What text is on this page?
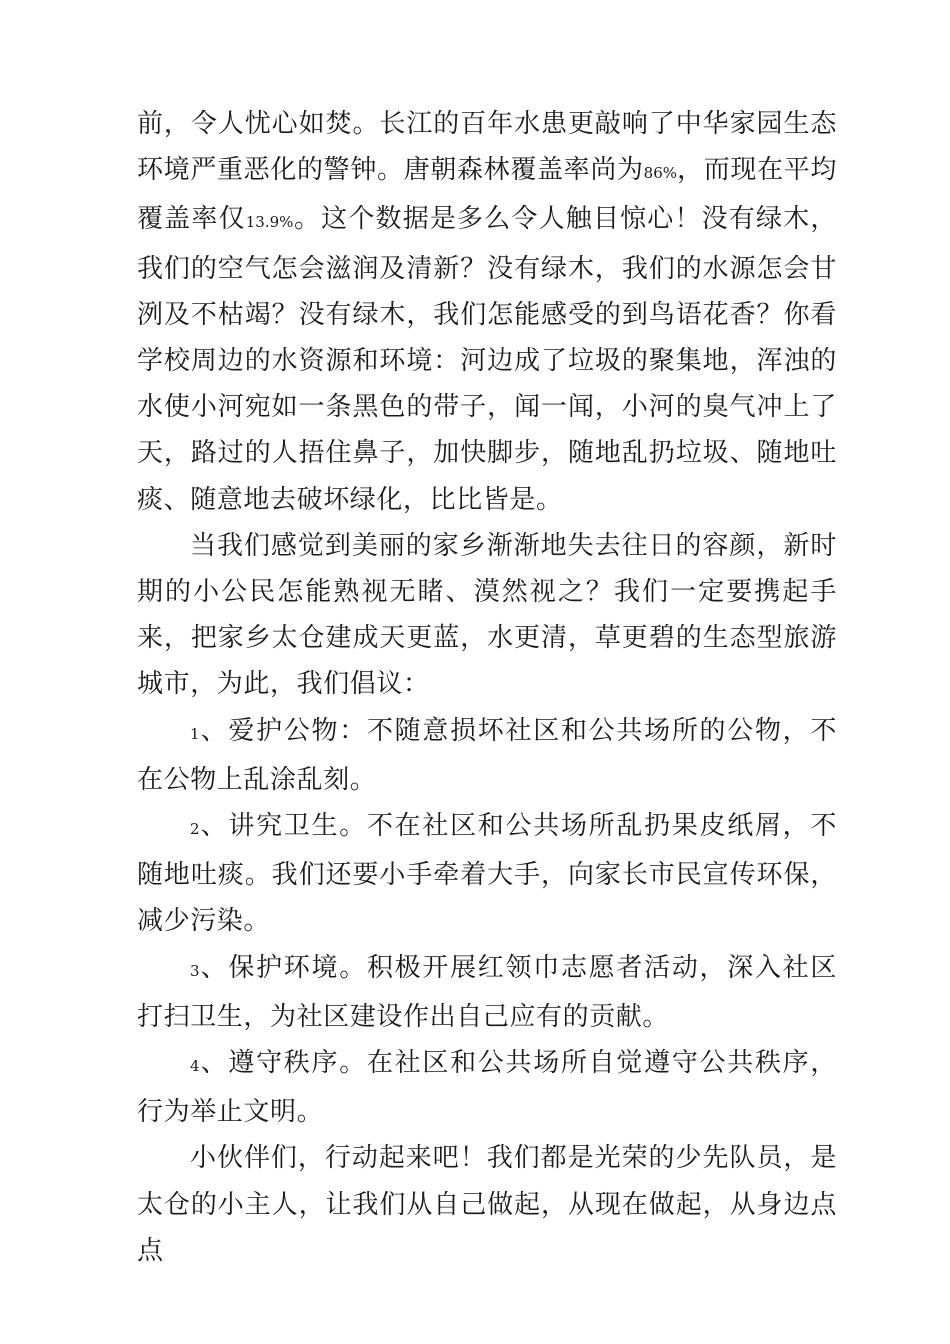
前，令人忧心如焚。长江的百年水患更敲响了中华家园生态环境严重恶化的警钟。唐朝森林覆盖率尚为86%，而现在平均覆盖率仅13.9%。这个数据是多么令人触目惊心！没有绿木，我们的空气怎会滋润及清新？没有绿木，我们的水源怎会甘洌及不枯竭？没有绿木，我们怎能感受的到鸟语花香？你看学校周边的水资源和环境：河边成了垃圾的聚集地，浑浊的水使小河宛如一条黑色的带子，闻一闻，小河的臭气冲上了天，路过的人捂住鼻子，加快脚步，随地乱扔垃圾、随地吐痰、随意地去破坏绿化，比比皆是。

当我们感觉到美丽的家乡渐渐地失去往日的容颜，新时期的小公民怎能熟视无睹、漠然视之？我们一定要携起手来，把家乡太仓建成天更蓝，水更清，草更碧的生态型旅游城市，为此，我们倡议：

1、爱护公物：不随意损坏社区和公共场所的公物，不在公物上乱涂乱刻。

2、讲究卫生。不在社区和公共场所乱扔果皮纸屑，不随地吐痰。我们还要小手牵着大手，向家长市民宣传环保，减少污染。

3、保护环境。积极开展红领巾志愿者活动，深入社区打扫卫生，为社区建设作出自己应有的贡献。

4、遵守秩序。在社区和公共场所自觉遵守公共秩序，行为举止文明。

小伙伴们，行动起来吧！我们都是光荣的少先队员，是太仓的小主人，让我们从自己做起，从现在做起，从身边点点
